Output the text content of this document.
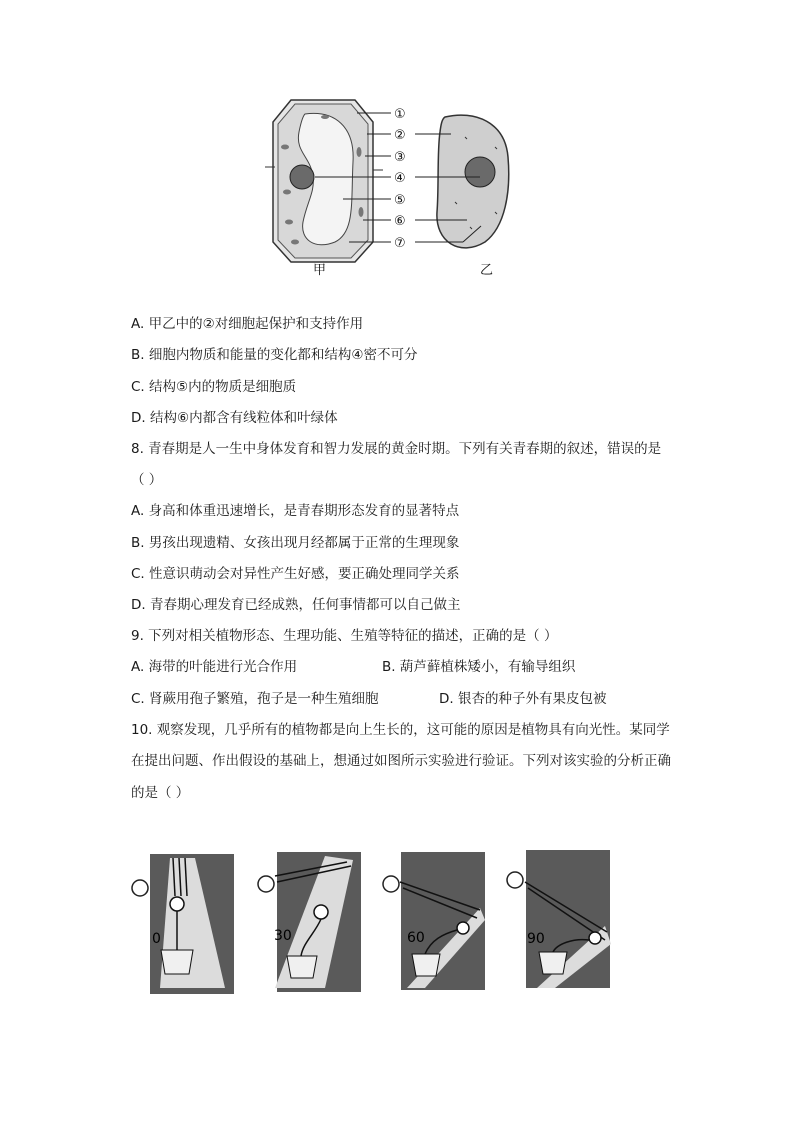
①
②
③
④
⑤
⑥
⑦
甲	乙
A. 甲乙中的②对细胞起保护和支持作用
B. 细胞内物质和能量的变化都和结构④密不可分
C. 结构⑤内的物质是细胞质
D. 结构⑥内都含有线粒体和叶绿体
8. 青春期是人一生中身体发育和智力发展的黄金时期。下列有关青春期的叙述，错误的是
（ ）
A. 身高和体重迅速增长，是青春期形态发育的显著特点
B. 男孩出现遗精、女孩出现月经都属于正常的生理现象
C. 性意识萌动会对异性产生好感，要正确处理同学关系
D. 青春期心理发育已经成熟，任何事情都可以自己做主
9. 下列对相关植物形态、生理功能、生殖等特征的描述，正确的是（ ）
A. 海带的叶能进行光合作用	B. 葫芦藓植株矮小，有输导组织
C. 肾蕨用孢子繁殖，孢子是一种生殖细胞	D. 银杏的种子外有果皮包被
10. 观察发现，几乎所有的植物都是向上生长的，这可能的原因是植物具有向光性。某同学
在提出问题、作出假设的基础上，想通过如图所示实验进行验证。下列对该实验的分析正确
的是（ ）
0	30	60	90
